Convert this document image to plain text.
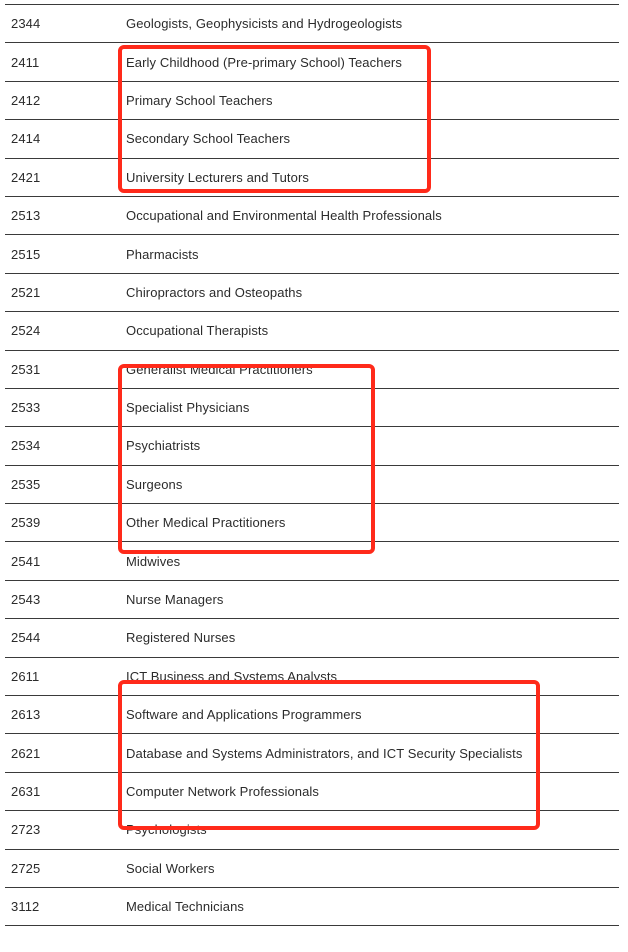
2344	Geologists, Geophysicists and Hydrogeologists
2411	Early Childhood (Pre-primary School) Teachers
2412	Primary School Teachers
2414	Secondary School Teachers
2421	University Lecturers and Tutors
2513	Occupational and Environmental Health Professionals
2515	Pharmacists
2521	Chiropractors and Osteopaths
2524	Occupational Therapists
2531	Generalist Medical Practitioners
2533	Specialist Physicians
2534	Psychiatrists
2535	Surgeons
2539	Other Medical Practitioners
2541	Midwives
2543	Nurse Managers
2544	Registered Nurses
2611	ICT Business and Systems Analysts
2613	Software and Applications Programmers
2621	Database and Systems Administrators, and ICT Security Specialists
2631	Computer Network Professionals
2723	Psychologists
2725	Social Workers
3112	Medical Technicians
